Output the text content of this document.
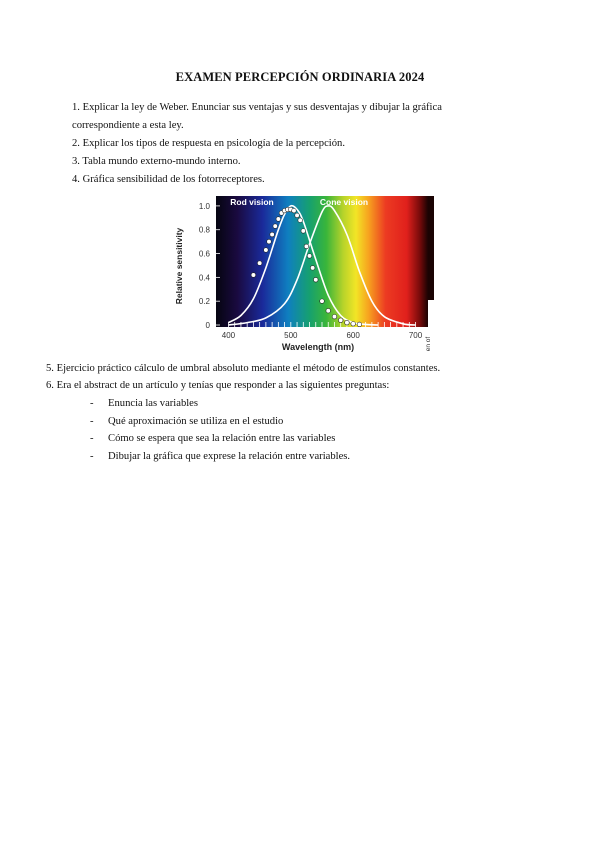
EXAMEN PERCEPCIÓN ORDINARIA 2024
1. Explicar la ley de Weber. Enunciar sus ventajas y sus desventajas y dibujar la gráfica
correspondiente a esta ley.
2. Explicar los tipos de respuesta en psicología de la percepción.
3. Tabla mundo externo-mundo interno.
4. Gráfica sensibilidad de los fotorreceptores.
0
0.2
0.4
0.6
0.8
1.0
400	500	600	700
Relative sensitivity
Wavelength (nm)
Rod vision	Cone vision
en of
5. Ejercicio práctico cálculo de umbral absoluto mediante el método de estímulos constantes.
6. Era el abstract de un artículo y tenías que responder a las siguientes preguntas:
- Enuncia las variables
- Qué aproximación se utiliza en el estudio
- Cómo se espera que sea la relación entre las variables
- Dibujar la gráfica que exprese la relación entre variables.
